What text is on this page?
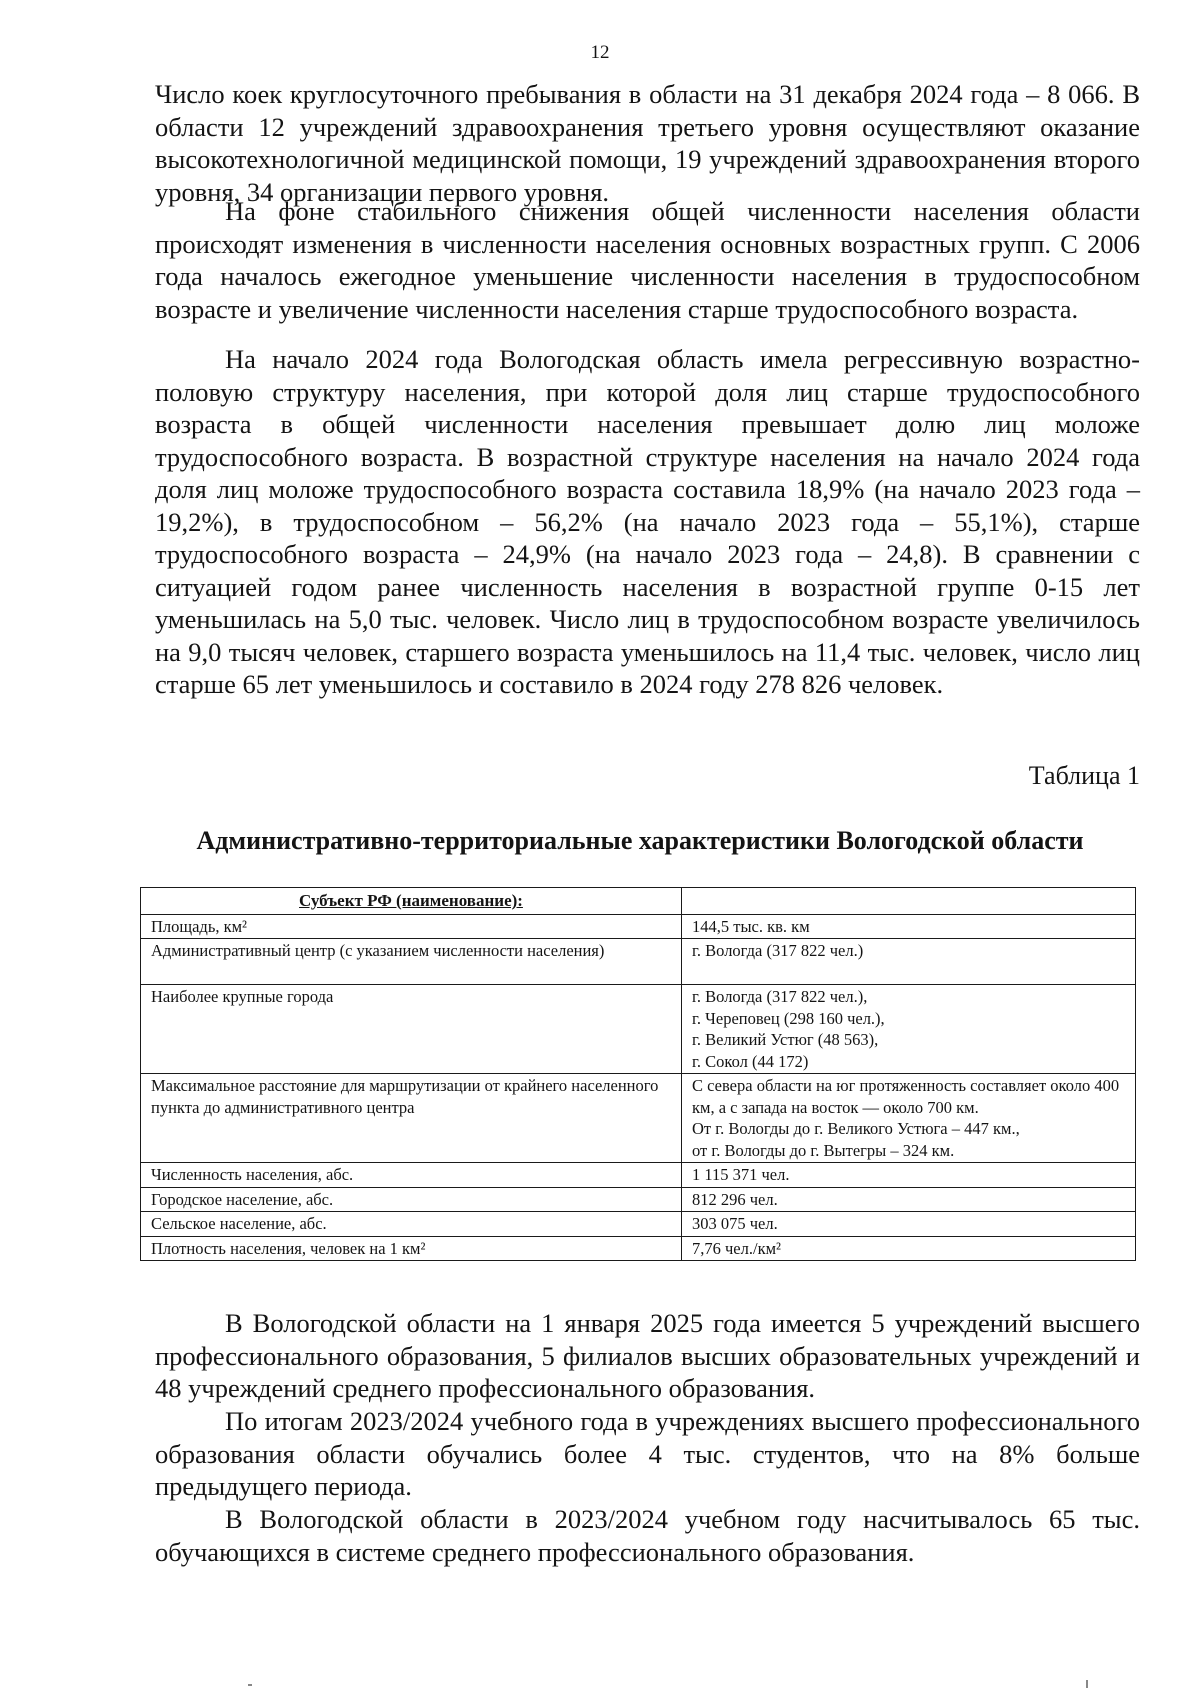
12

Число коек круглосуточного пребывания в области на 31 декабря 2024 года – 8 066. В области 12 учреждений здравоохранения третьего уровня осуществляют оказание высокотехнологичной медицинской помощи, 19 учреждений здравоохранения второго уровня, 34 организации первого уровня.

На фоне стабильного снижения общей численности населения области происходят изменения в численности населения основных возрастных групп. С 2006 года началось ежегодное уменьшение численности населения в трудоспособном возрасте и увеличение численности населения старше трудоспособного возраста.

На начало 2024 года Вологодская область имела регрессивную возрастно-половую структуру населения, при которой доля лиц старше трудоспособного возраста в общей численности населения превышает долю лиц моложе трудоспособного возраста. В возрастной структуре населения на начало 2024 года доля лиц моложе трудоспособного возраста составила 18,9% (на начало 2023 года – 19,2%), в трудоспособном – 56,2% (на начало 2023 года – 55,1%), старше трудоспособного возраста – 24,9% (на начало 2023 года – 24,8). В сравнении с ситуацией годом ранее численность населения в возрастной группе 0-15 лет уменьшилась на 5,0 тыс. человек. Число лиц в трудоспособном возрасте увеличилось на 9,0 тысяч человек, старшего возраста уменьшилось на 11,4 тыс. человек, число лиц старше 65 лет уменьшилось и составило в 2024 году 278 826 человек.

Таблица 1
Административно-территориальные характеристики Вологодской области
Субъект РФ (наименование):	
Площадь, км²	144,5 тыс. кв. км
Административный центр (с указанием численности населения)	г. Вологда (317 822 чел.)
Наиболее крупные города	г. Вологда (317 822 чел.),
г. Череповец (298 160 чел.),
г. Великий Устюг (48 563),
г. Сокол (44 172)

Максимальное расстояние для маршрутизации от крайнего населенного пункта до административного центра	С севера области на юг протяженность составляет около 400 км, а с запада на восток — около 700 км.
От г. Вологды до г. Великого Устюга – 447 км.,
от г. Вологды до г. Вытегры – 324 км.

Численность населения, абс.	1 115 371 чел.
Городское население, абс.	812 296 чел.
Сельское население, абс.	303 075 чел.
Плотность населения, человек на 1 км²	7,76 чел./км²

В Вологодской области на 1 января 2025 года имеется 5 учреждений высшего профессионального образования, 5 филиалов высших образовательных учреждений и 48 учреждений среднего профессионального образования.

По итогам 2023/2024 учебного года в учреждениях высшего профессионального образования области обучались более 4 тыс. студентов, что на 8% больше предыдущего периода.

В Вологодской области в 2023/2024 учебном году насчитывалось 65 тыс. обучающихся в системе среднего профессионального образования.
